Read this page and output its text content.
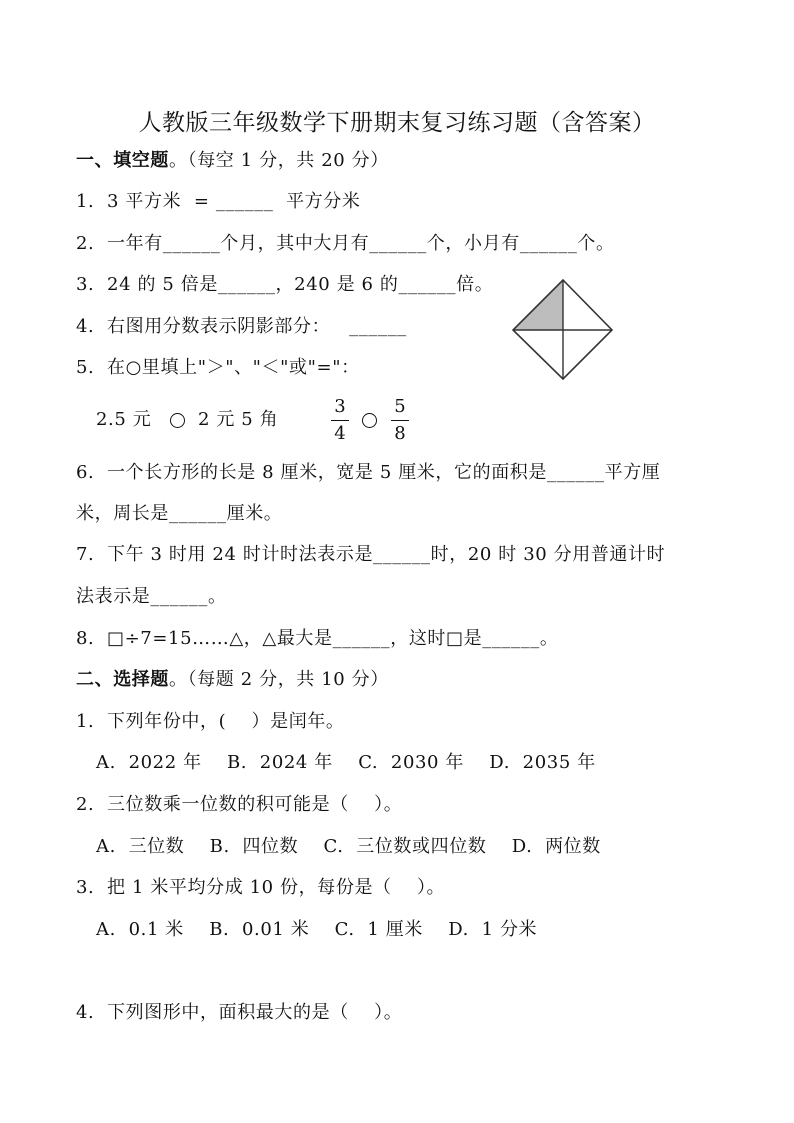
人教版三年级数学下册期末复习练习题（含答案）
一、填空题。（每空 1 分，共 20 分）
1.  3 平方米  = ______  平方分米
2.  一年有______个月，其中大月有______个，小月有______个。
3.  24 的 5 倍是______，240 是 6 的______倍。
4.  右图用分数表示阴影部分：   ______
5.  在○里填上"＞"、"＜"或"="：
2.5 元	2 元 5 角
3
4
5
8
6.  一个长方形的长是 8 厘米，宽是 5 厘米，它的面积是______平方厘
米，周长是______厘米。
7.  下午 3 时用 24 时计时法表示是______时，20 时 30 分用普通计时
法表示是______。
8.  □÷7=15……△，△最大是______，这时□是______。
二、选择题。（每题 2 分，共 10 分）
1.  下列年份中，(    ）是闰年。
A.  2022 年    B.  2024 年    C.  2030 年    D.  2035 年
2.  三位数乘一位数的积可能是（    ）。
A.  三位数    B.  四位数    C.  三位数或四位数    D.  两位数
3.  把 1 米平均分成 10 份，每份是（    ）。
A.  0.1 米    B.  0.01 米    C.  1 厘米    D.  1 分米
4.  下列图形中，面积最大的是（    ）。
